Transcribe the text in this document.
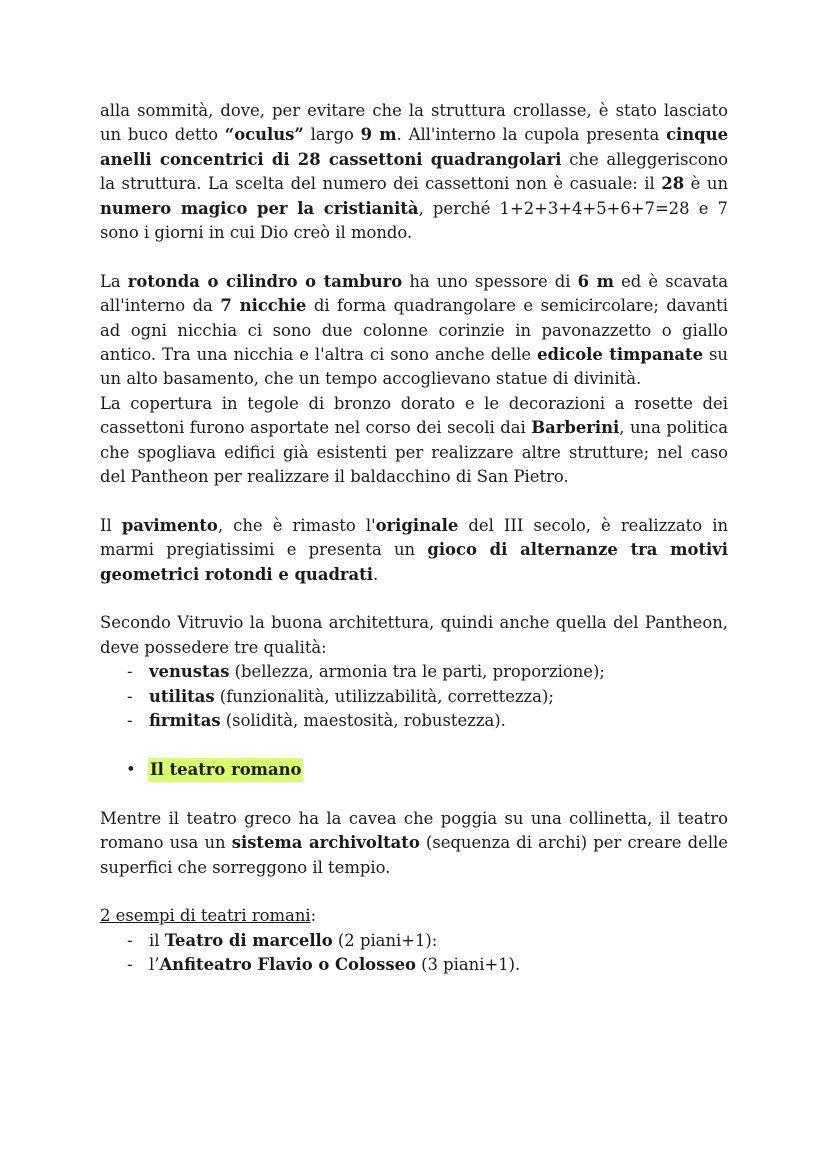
alla sommità, dove, per evitare che la struttura crollasse, è stato lasciato un buco detto “oculus” largo 9 m. All'interno la cupola presenta cinque anelli concentrici di 28 cassettoni quadrangolari che alleggeriscono la struttura. La scelta del numero dei cassettoni non è casuale: il 28 è un numero magico per la cristianità, perché 1+2+3+4+5+6+7=28 e 7 sono i giorni in cui Dio creò il mondo.

La rotonda o cilindro o tamburo ha uno spessore di 6 m ed è scavata all'interno da 7 nicchie di forma quadrangolare e semicircolare; davanti ad ogni nicchia ci sono due colonne corinzie in pavonazzetto o giallo antico. Tra una nicchia e l'altra ci sono anche delle edicole timpanate su un alto basamento, che un tempo accoglievano statue di divinità.

La copertura in tegole di bronzo dorato e le decorazioni a rosette dei cassettoni furono asportate nel corso dei secoli dai Barberini, una politica che spogliava edifici già esistenti per realizzare altre strutture; nel caso del Pantheon per realizzare il baldacchino di San Pietro.

Il pavimento, che è rimasto l'originale del III secolo, è realizzato in marmi pregiatissimi e presenta un gioco di alternanze tra motivi geometrici rotondi e quadrati.

Secondo Vitruvio la buona architettura, quindi anche quella del Pantheon, deve possedere tre qualità:

- venustas (bellezza, armonia tra le parti, proporzione);
- utilitas (funzionalità, utilizzabilità, correttezza);
- firmitas (solidità, maestosità, robustezza).
• Il teatro romano

Mentre il teatro greco ha la cavea che poggia su una collinetta, il teatro romano usa un sistema archivoltato (sequenza di archi) per creare delle superfici che sorreggono il tempio.

2 esempi di teatri romani:

- il Teatro di marcello (2 piani+1):
- l’Anfiteatro Flavio o Colosseo (3 piani+1).
